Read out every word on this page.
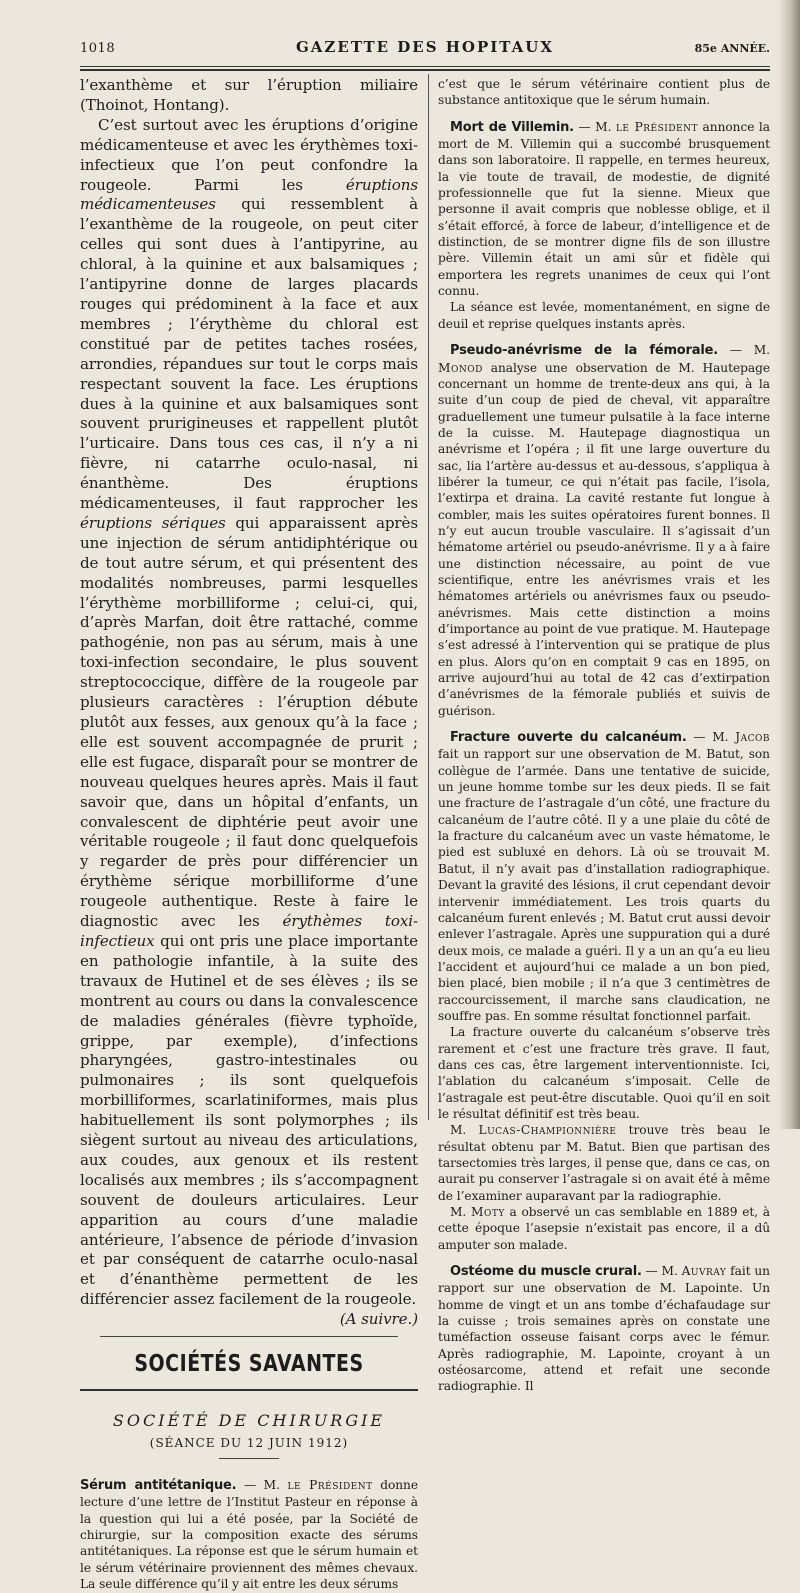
1018	GAZETTE DES HOPITAUX	85e ANNÉE.

l’exanthème et sur l’éruption miliaire (Thoinot, Hontang).

C’est surtout avec les éruptions d’origine médicamenteuse et avec les érythèmes toxi-infectieux que l’on peut confondre la rougeole. Parmi les éruptions médicamenteuses qui ressemblent à l’exanthème de la rougeole, on peut citer celles qui sont dues à l’antipyrine, au chloral, à la quinine et aux balsamiques ; l’antipyrine donne de larges placards rouges qui prédominent à la face et aux membres ; l’érythème du chloral est constitué par de petites taches rosées, arrondies, répandues sur tout le corps mais respectant souvent la face. Les éruptions dues à la quinine et aux balsamiques sont souvent prurigineuses et rappellent plutôt l’urticaire. Dans tous ces cas, il n’y a ni fièvre, ni catarrhe oculo-nasal, ni énanthème. Des éruptions médicamenteuses, il faut rapprocher les éruptions sériques qui apparaissent après une injection de sérum antidiphtérique ou de tout autre sérum, et qui présentent des modalités nombreuses, parmi lesquelles l’érythème morbilliforme ; celui-ci, qui, d’après Marfan, doit être rattaché, comme pathogénie, non pas au sérum, mais à une toxi-infection secondaire, le plus souvent streptococcique, diffère de la rougeole par plusieurs caractères : l’éruption débute plutôt aux fesses, aux genoux qu’à la face ; elle est souvent accompagnée de prurit ; elle est fugace, disparaît pour se montrer de nouveau quelques heures après. Mais il faut savoir que, dans un hôpital d’enfants, un convalescent de diphtérie peut avoir une véritable rougeole ; il faut donc quelquefois y regarder de près pour différencier un érythème sérique morbilliforme d’une rougeole authentique. Reste à faire le diagnostic avec les érythèmes toxi-infectieux qui ont pris une place importante en pathologie infantile, à la suite des travaux de Hutinel et de ses élèves ; ils se montrent au cours ou dans la convalescence de maladies générales (fièvre typhoïde, grippe, par exemple), d’infections pharyngées, gastro-intestinales ou pulmonaires ; ils sont quelquefois morbilliformes, scarlatiniformes, mais plus habituellement ils sont polymorphes ; ils siègent surtout au niveau des articulations, aux coudes, aux genoux et ils restent localisés aux membres ; ils s’accompagnent souvent de douleurs articulaires. Leur apparition au cours d’une maladie antérieure, l’absence de période d’invasion et par conséquent de catarrhe oculo-nasal et d’énanthème permettent de les différencier assez facilement de la rougeole.

(A suivre.)

SOCIÉTÉS SAVANTES
SOCIÉTÉ DE CHIRURGIE
(SÉANCE DU 12 JUIN 1912)

Sérum antitétanique. — M. le Président donne lecture d’une lettre de l’Institut Pasteur en réponse à la question qui lui a été posée, par la Société de chirurgie, sur la composition exacte des sérums antitétaniques. La réponse est que le sérum humain et le sérum vétérinaire proviennent des mêmes chevaux. La seule différence qu’il y ait entre les deux sérums

c’est que le sérum vétérinaire contient plus de substance antitoxique que le sérum humain.

Mort de Villemin. — M. le Président annonce la mort de M. Villemin qui a succombé brusquement dans son laboratoire. Il rappelle, en termes heureux, la vie toute de travail, de modestie, de dignité professionnelle que fut la sienne. Mieux que personne il avait compris que noblesse oblige, et il s’était efforcé, à force de labeur, d’intelligence et de distinction, de se montrer digne fils de son illustre père. Villemin était un ami sûr et fidèle qui emportera les regrets unanimes de ceux qui l’ont connu.

La séance est levée, momentanément, en signe de deuil et reprise quelques instants après.

Pseudo-anévrisme de la fémorale. — M. Monod analyse une observation de M. Hautepage concernant un homme de trente-deux ans qui, à la suite d’un coup de pied de cheval, vit apparaître graduellement une tumeur pulsatile à la face interne de la cuisse. M. Hautepage diagnostiqua un anévrisme et l’opéra ; il fit une large ouverture du sac, lia l’artère au-dessus et au-dessous, s’appliqua à libérer la tumeur, ce qui n’était pas facile, l’isola, l’extirpa et draina. La cavité restante fut longue à combler, mais les suites opératoires furent bonnes. Il n’y eut aucun trouble vasculaire. Il s’agissait d’un hématome artériel ou pseudo-anévrisme. Il y a à faire une distinction nécessaire, au point de vue scientifique, entre les anévrismes vrais et les hématomes artériels ou anévrismes faux ou pseudo-anévrismes. Mais cette distinction a moins d’importance au point de vue pratique. M. Hautepage s’est adressé à l’intervention qui se pratique de plus en plus. Alors qu’on en comptait 9 cas en 1895, on arrive aujourd’hui au total de 42 cas d’extirpation d’anévrismes de la fémorale publiés et suivis de guérison.

Fracture ouverte du calcanéum. — M. Jacob fait un rapport sur une observation de M. Batut, son collègue de l’armée. Dans une tentative de suicide, un jeune homme tombe sur les deux pieds. Il se fait une fracture de l’astragale d’un côté, une fracture du calcanéum de l’autre côté. Il y a une plaie du côté de la fracture du calcanéum avec un vaste hématome, le pied est subluxé en dehors. Là où se trouvait M. Batut, il n’y avait pas d’installation radiographique. Devant la gravité des lésions, il crut cependant devoir intervenir immédiatement. Les trois quarts du calcanéum furent enlevés ; M. Batut crut aussi devoir enlever l’astragale. Après une suppuration qui a duré deux mois, ce malade a guéri. Il y a un an qu’a eu lieu l’accident et aujourd’hui ce malade a un bon pied, bien placé, bien mobile ; il n’a que 3 centimètres de raccourcissement, il marche sans claudication, ne souffre pas. En somme résultat fonctionnel parfait.

La fracture ouverte du calcanéum s’observe très rarement et c’est une fracture très grave. Il faut, dans ces cas, être largement interventionniste. Ici, l’ablation du calcanéum s’imposait. Celle de l’astragale est peut-être discutable. Quoi qu’il en soit le résultat définitif est très beau.

M. Lucas-Championnière trouve très beau le résultat obtenu par M. Batut. Bien que partisan des tarsectomies très larges, il pense que, dans ce cas, on aurait pu conserver l’astragale si on avait été à même de l’examiner auparavant par la radiographie.

M. Moty a observé un cas semblable en 1889 et, à cette époque l’asepsie n’existait pas encore, il a dû amputer son malade.

Ostéome du muscle crural. — M. Auvray fait un rapport sur une observation de M. Lapointe. Un homme de vingt et un ans tombe d’échafaudage sur la cuisse ; trois semaines après on constate une tuméfaction osseuse faisant corps avec le fémur. Après radiographie, M. Lapointe, croyant à un ostéosarcome, attend et refait une seconde radiographie. Il
